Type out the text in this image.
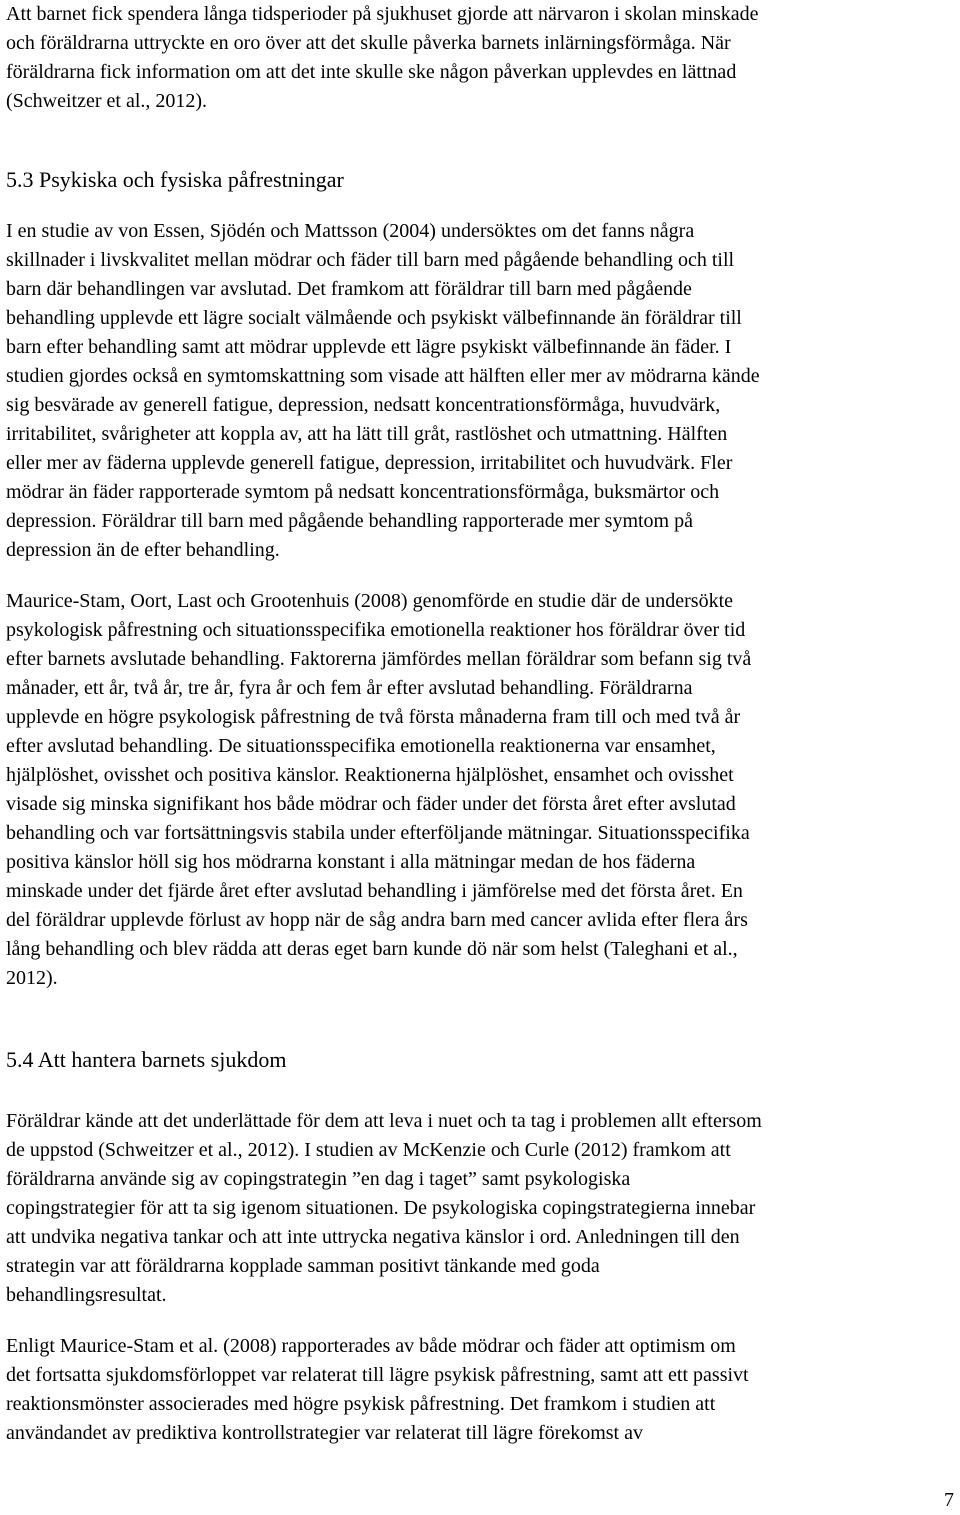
Att barnet fick spendera långa tidsperioder på sjukhuset gjorde att närvaron i skolan minskade
och föräldrarna uttryckte en oro över att det skulle påverka barnets inlärningsförmåga. När
föräldrarna fick information om att det inte skulle ske någon påverkan upplevdes en lättnad
(Schweitzer et al., 2012).

5.3 Psykiska och fysiska påfrestningar

I en studie av von Essen, Sjödén och Mattsson (2004) undersöktes om det fanns några
skillnader i livskvalitet mellan mödrar och fäder till barn med pågående behandling och till
barn där behandlingen var avslutad. Det framkom att föräldrar till barn med pågående
behandling upplevde ett lägre socialt välmående och psykiskt välbefinnande än föräldrar till
barn efter behandling samt att mödrar upplevde ett lägre psykiskt välbefinnande än fäder. I
studien gjordes också en symtomskattning som visade att hälften eller mer av mödrarna kände
sig besvärade av generell fatigue, depression, nedsatt koncentrationsförmåga, huvudvärk,
irritabilitet, svårigheter att koppla av, att ha lätt till gråt, rastlöshet och utmattning. Hälften
eller mer av fäderna upplevde generell fatigue, depression, irritabilitet och huvudvärk. Fler
mödrar än fäder rapporterade symtom på nedsatt koncentrationsförmåga, buksmärtor och
depression. Föräldrar till barn med pågående behandling rapporterade mer symtom på
depression än de efter behandling.

Maurice-Stam, Oort, Last och Grootenhuis (2008) genomförde en studie där de undersökte
psykologisk påfrestning och situationsspecifika emotionella reaktioner hos föräldrar över tid
efter barnets avslutade behandling. Faktorerna jämfördes mellan föräldrar som befann sig två
månader, ett år, två år, tre år, fyra år och fem år efter avslutad behandling. Föräldrarna
upplevde en högre psykologisk påfrestning de två första månaderna fram till och med två år
efter avslutad behandling. De situationsspecifika emotionella reaktionerna var ensamhet,
hjälplöshet, ovisshet och positiva känslor. Reaktionerna hjälplöshet, ensamhet och ovisshet
visade sig minska signifikant hos både mödrar och fäder under det första året efter avslutad
behandling och var fortsättningsvis stabila under efterföljande mätningar. Situationsspecifika
positiva känslor höll sig hos mödrarna konstant i alla mätningar medan de hos fäderna
minskade under det fjärde året efter avslutad behandling i jämförelse med det första året. En
del föräldrar upplevde förlust av hopp när de såg andra barn med cancer avlida efter flera års
lång behandling och blev rädda att deras eget barn kunde dö när som helst (Taleghani et al.,
2012).

5.4 Att hantera barnets sjukdom

Föräldrar kände att det underlättade för dem att leva i nuet och ta tag i problemen allt eftersom
de uppstod (Schweitzer et al., 2012). I studien av McKenzie och Curle (2012) framkom att
föräldrarna använde sig av copingstrategin ”en dag i taget” samt psykologiska
copingstrategier för att ta sig igenom situationen. De psykologiska copingstrategierna innebar
att undvika negativa tankar och att inte uttrycka negativa känslor i ord. Anledningen till den
strategin var att föräldrarna kopplade samman positivt tänkande med goda
behandlingsresultat.

Enligt Maurice-Stam et al. (2008) rapporterades av både mödrar och fäder att optimism om
det fortsatta sjukdomsförloppet var relaterat till lägre psykisk påfrestning, samt att ett passivt
reaktionsmönster associerades med högre psykisk påfrestning. Det framkom i studien att
användandet av prediktiva kontrollstrategier var relaterat till lägre förekomst av

7
